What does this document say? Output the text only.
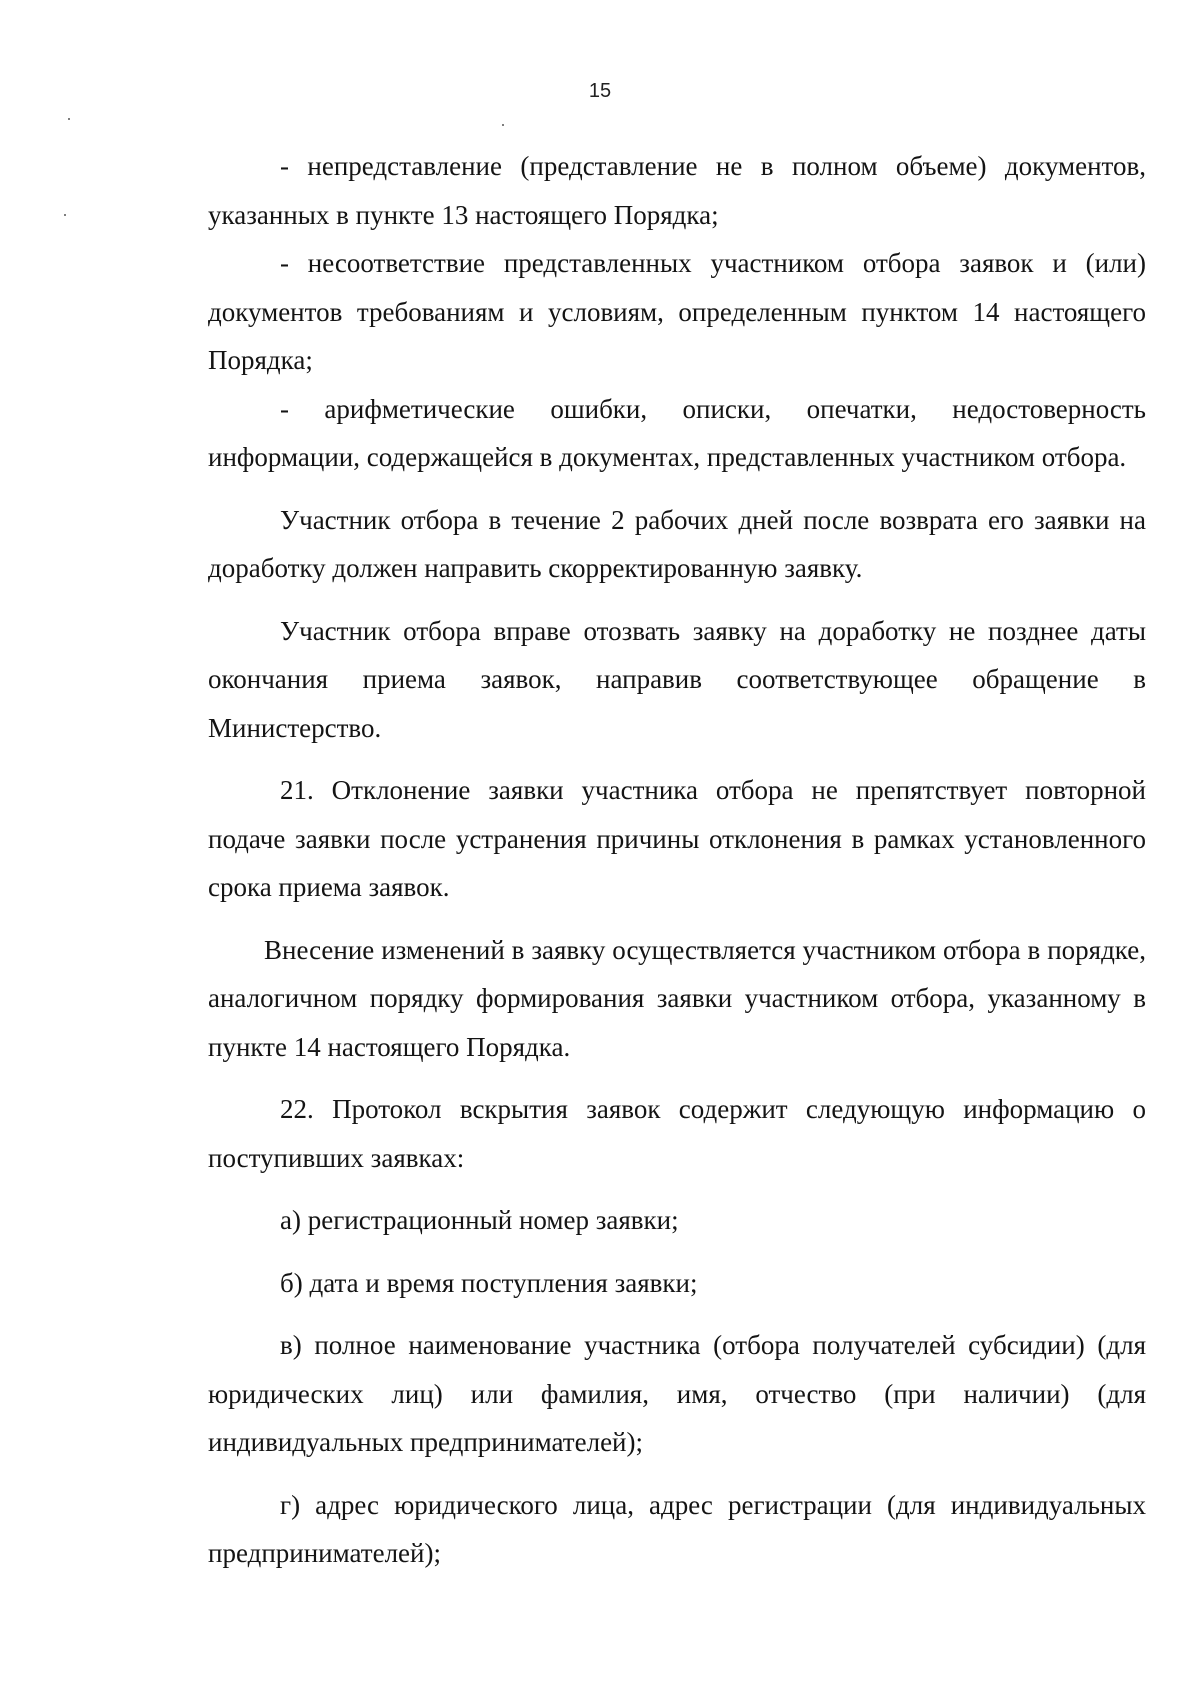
15

- непредставление (представление не в полном объеме) документов, указанных в пункте 13 настоящего Порядка;

- несоответствие представленных участником отбора заявок и (или) документов требованиям и условиям, определенным пунктом 14 настоящего Порядка;

- арифметические ошибки, описки, опечатки, недостоверность информации, содержащейся в документах, представленных участником отбора.

Участник отбора в течение 2 рабочих дней после возврата его заявки на доработку должен направить скорректированную заявку.

Участник отбора вправе отозвать заявку на доработку не позднее даты окончания приема заявок, направив соответствующее обращение в Министерство.

21. Отклонение заявки участника отбора не препятствует повторной подаче заявки после устранения причины отклонения в рамках установленного срока приема заявок.

Внесение изменений в заявку осуществляется участником отбора в порядке, аналогичном порядку формирования заявки участником отбора, указанному в пункте 14 настоящего Порядка.

22. Протокол вскрытия заявок содержит следующую информацию о поступивших заявках:

а) регистрационный номер заявки;

б) дата и время поступления заявки;

в) полное наименование участника (отбора получателей субсидии) (для юридических лиц) или фамилия, имя, отчество (при наличии) (для индивидуальных предпринимателей);

г) адрес юридического лица, адрес регистрации (для индивидуальных предпринимателей);
